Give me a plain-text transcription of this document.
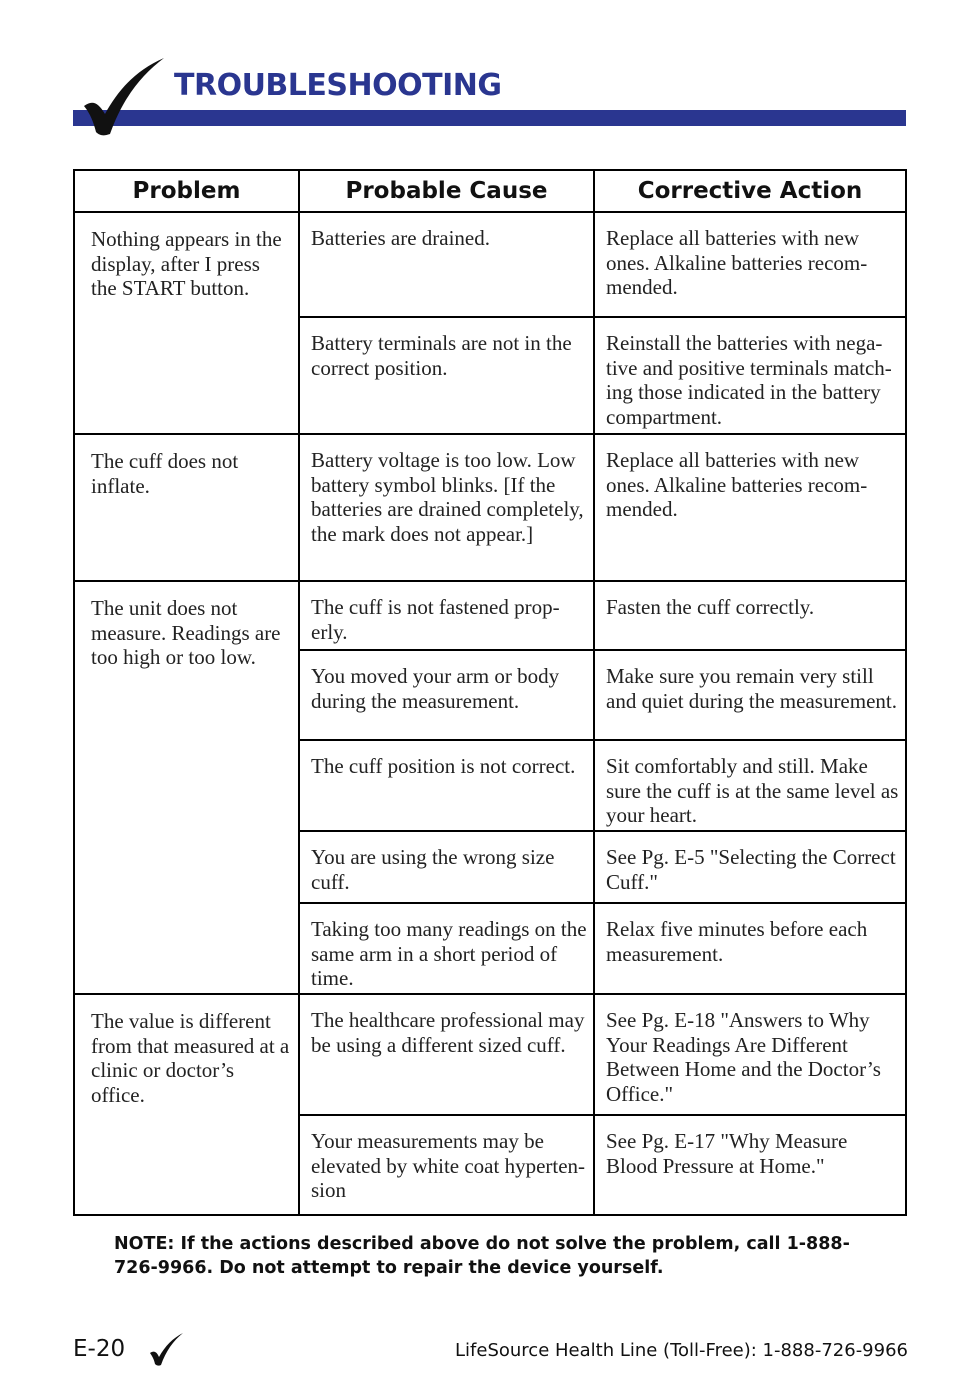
TROUBLESHOOTING
Problem	Probable Cause	Corrective Action
Nothing appears in the display, after I press the START button.	Batteries are drained.	Replace all batteries with new ones. Alkaline batteries recom-mended.
	Battery terminals are not in the correct position.	Reinstall the batteries with nega-tive and positive terminals match-ing those indicated in the battery compartment.
The cuff does not inflate.	Battery voltage is too low. Low battery symbol blinks. [If the batteries are drained completely, the mark does not appear.]	Replace all batteries with new ones. Alkaline batteries recom-mended.
The unit does not measure. Readings are too high or too low.	The cuff is not fastened prop-erly.	Fasten the cuff correctly.
	You moved your arm or body during the measurement.	Make sure you remain very still and quiet during the measurement.
	The cuff position is not correct.	Sit comfortably and still. Make sure the cuff is at the same level as your heart.
	You are using the wrong size cuff.	See Pg. E-5 "Selecting the Correct Cuff."
	Taking too many readings on the same arm in a short period of time.	Relax five minutes before each measurement.
The value is different from that measured at a clinic or doctor’s office.	The healthcare professional may be using a different sized cuff.	See Pg. E-18 "Answers to Why Your Readings Are Different Between Home and the Doctor’s Office."
	Your measurements may be elevated by white coat hyperten-sion	See Pg. E-17 "Why Measure Blood Pressure at Home."
NOTE: If the actions described above do not solve the problem, call 1-888-726-9966. Do not attempt to repair the device yourself.
E-20	LifeSource Health Line (Toll-Free): 1-888-726-9966
